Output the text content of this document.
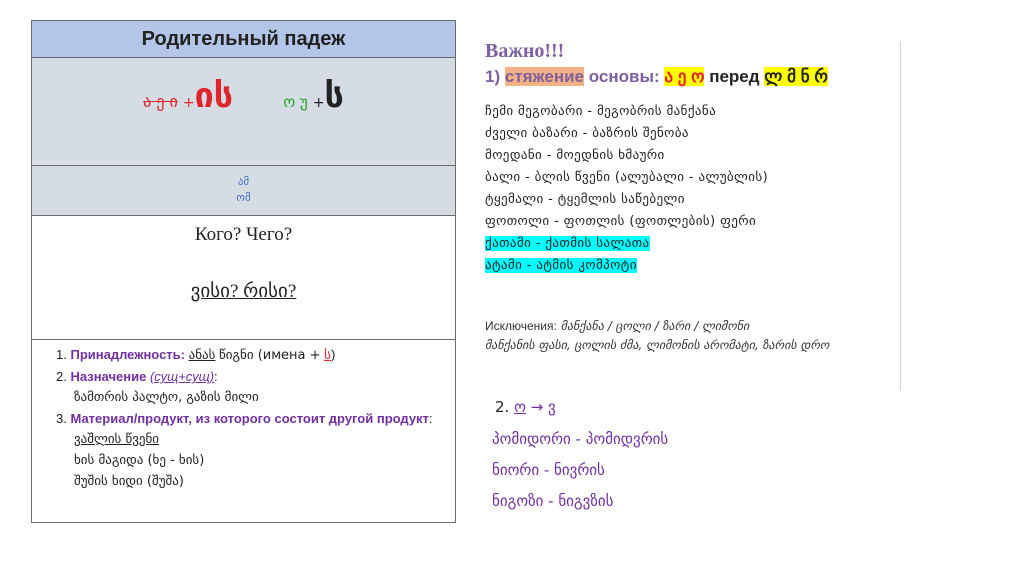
Родительный падеж
ა ე ი +ის	ო უ +ს
ამ
ომ
Кого? Чего?
ვისი? რისი?
1. Принадлежность: ანას წიგნი (имена + ს)
2. Назначение (сущ+сущ):
ზამთრის პალტო, გაზის მილი
3. Материал/продукт, из которого состоит другой продукт:
ვაშლის წვენი
ხის მაგიდა (ხე - ხის)
შუშის ხიდი (შუშა)
Важно!!!
1) стяжение основы: ა ე ო перед ლ მ ნ რ
ჩემი მეგობარი - მეგობრის მანქანა
ძველი ბაზარი - ბაზრის შენობა
მოედანი - მოედნის ხმაური
ბალი - ბლის წვენი (ალუბალი - ალუბლის)
ტყემალი - ტყემლის საწებელი
ფოთოლი - ფოთლის (ფოთლების) ფერი
ქათამი - ქათმის სალათა
ატამი - ატმის კომპოტი
Исключения: მანქანა / ცოლი / ზარი / ლიმონი
მანქანის ფასი, ცოლის ძმა, ლიმონის არომატი, ზარის დრო
2. ო → ვ
პომიდორი - პომიდვრის
ნიორი - ნივრის
ნიგოზი - ნიგვზის
